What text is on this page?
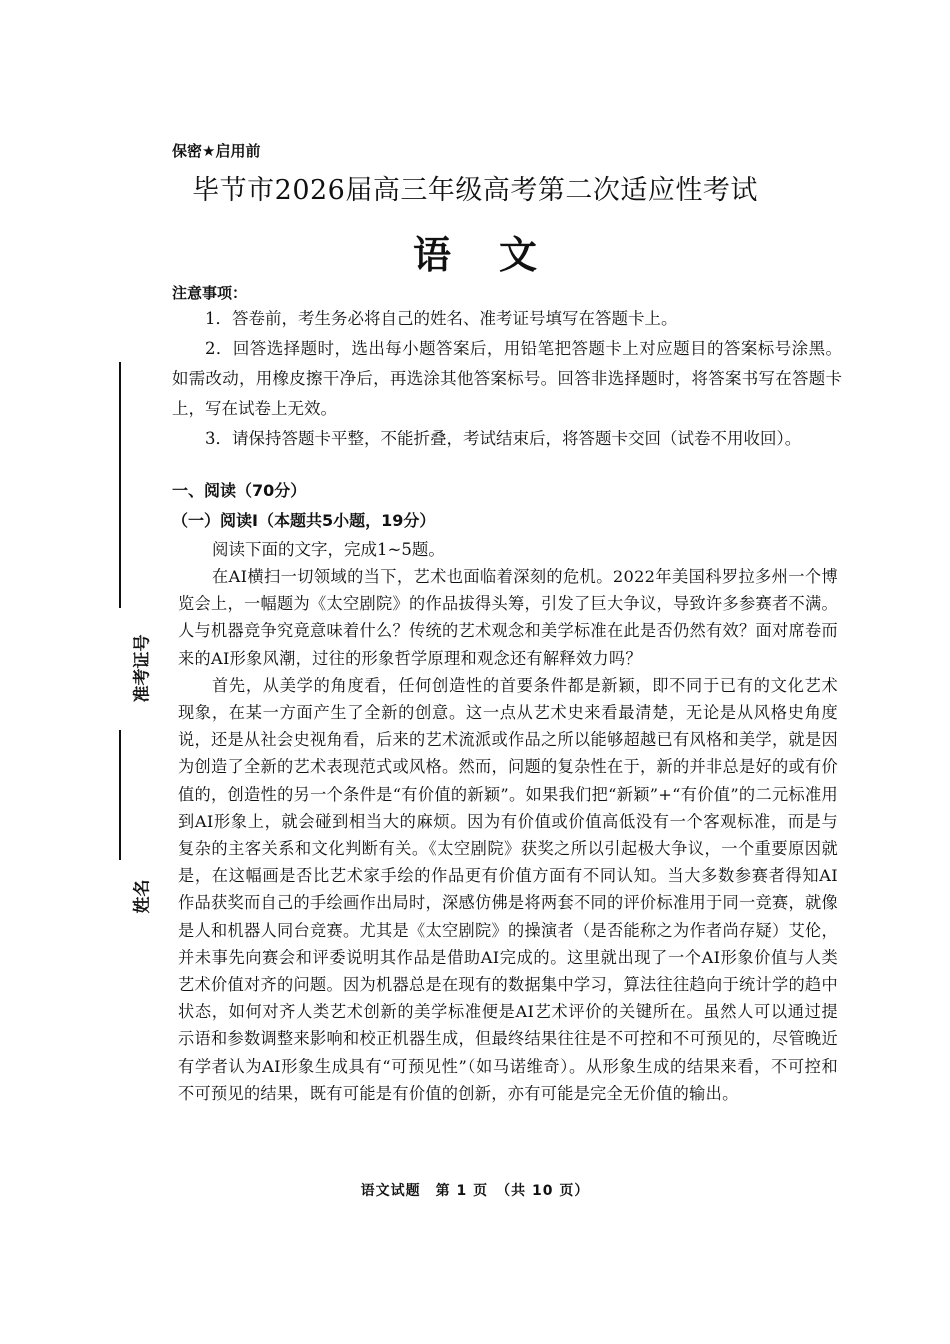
准考证号
姓名
保密★启用前
毕节市2026届高三年级高考第二次适应性考试
语文
注意事项：

1．答卷前，考生务必将自己的姓名、准考证号填写在答题卡上。

2．回答选择题时，选出每小题答案后，用铅笔把答题卡上对应题目的答案标号涂黑。如需改动，用橡皮擦干净后，再选涂其他答案标号。回答非选择题时，将答案书写在答题卡上，写在试卷上无效。

3．请保持答题卡平整，不能折叠，考试结束后，将答题卡交回（试卷不用收回）。

一、阅读（70分）
（一）阅读Ⅰ（本题共5小题，19分）
阅读下面的文字，完成1~5题。

在AI横扫一切领域的当下，艺术也面临着深刻的危机。2022年美国科罗拉多州一个博览会上，一幅题为《太空剧院》的作品拔得头筹，引发了巨大争议，导致许多参赛者不满。人与机器竞争究竟意味着什么？传统的艺术观念和美学标准在此是否仍然有效？面对席卷而来的AI形象风潮，过往的形象哲学原理和观念还有解释效力吗？

首先，从美学的角度看，任何创造性的首要条件都是新颖，即不同于已有的文化艺术现象，在某一方面产生了全新的创意。这一点从艺术史来看最清楚，无论是从风格史角度说，还是从社会史视角看，后来的艺术流派或作品之所以能够超越已有风格和美学，就是因为创造了全新的艺术表现范式或风格。然而，问题的复杂性在于，新的并非总是好的或有价值的，创造性的另一个条件是“有价值的新颖”。如果我们把“新颖”+“有价值”的二元标准用到AI形象上，就会碰到相当大的麻烦。因为有价值或价值高低没有一个客观标准，而是与复杂的主客关系和文化判断有关。《太空剧院》获奖之所以引起极大争议，一个重要原因就是，在这幅画是否比艺术家手绘的作品更有价值方面有不同认知。当大多数参赛者得知AI作品获奖而自己的手绘画作出局时，深感仿佛是将两套不同的评价标准用于同一竞赛，就像是人和机器人同台竞赛。尤其是《太空剧院》的操演者（是否能称之为作者尚存疑）艾伦，并未事先向赛会和评委说明其作品是借助AI完成的。这里就出现了一个AI形象价值与人类艺术价值对齐的问题。因为机器总是在现有的数据集中学习，算法往往趋向于统计学的趋中状态，如何对齐人类艺术创新的美学标准便是AI艺术评价的关键所在。虽然人可以通过提示语和参数调整来影响和校正机器生成，但最终结果往往是不可控和不可预见的，尽管晚近有学者认为AI形象生成具有“可预见性”（如马诺维奇）。从形象生成的结果来看，不可控和不可预见的结果，既有可能是有价值的创新，亦有可能是完全无价值的输出。

语文试题　第 1 页　（共 10 页）
